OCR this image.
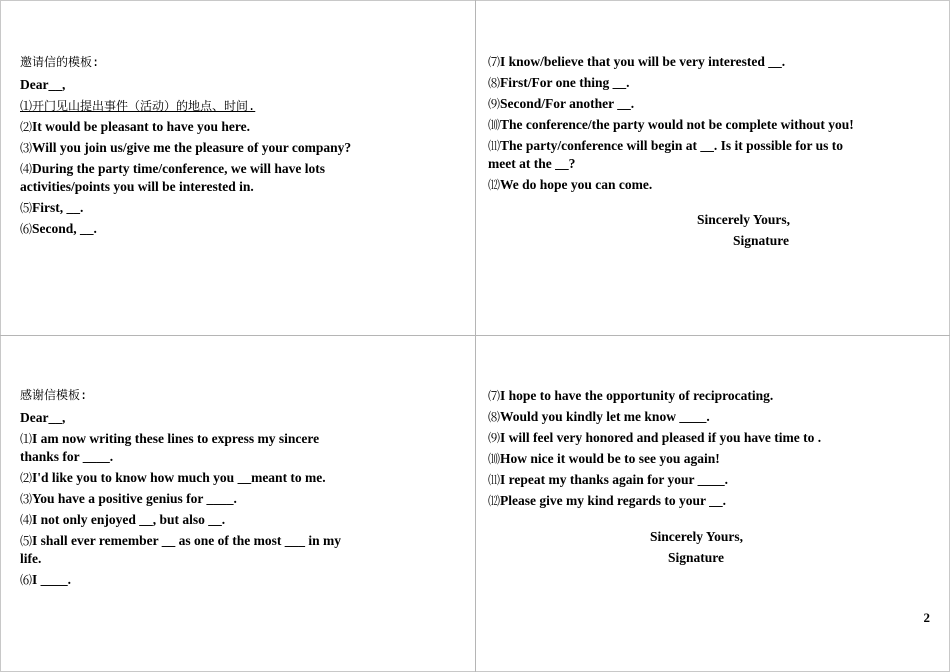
邀请信的模板:
Dear__,
⑴开门见山提出事件（活动）的地点、时间.
⑵It would be pleasant to have you here.
⑶Will you join us/give me the pleasure of your company?
⑷During the party time/conference, we will have lots activities/points you will be interested in.
⑸First, __.
⑹Second, __.
⑺I know/believe that you will be very interested __.
⑻First/For one thing __.
⑼Second/For another __.
⑽The conference/the party would not be complete without you!
⑾The party/conference will begin at __. Is it possible for us to meet at the __?
⑿We do hope you can come.
Sincerely Yours,
Signature
感谢信模板:
Dear__,
⑴I am now writing these lines to express my sincere thanks for ____.
⑵I'd like you to know how much you __meant to me.
⑶You have a positive genius for ____.
⑷I not only enjoyed __, but also __.
⑸I shall ever remember __ as one of the most ___ in my life.
⑹I ____.
⑺I hope to have the opportunity of reciprocating.
⑻Would you kindly let me know ____.
⑼I will feel very honored and pleased if you have time to .
⑽How nice it would be to see you again!
⑾I repeat my thanks again for your ____.
⑿Please give my kind regards to your __.
Sincerely Yours,
Signature
2
